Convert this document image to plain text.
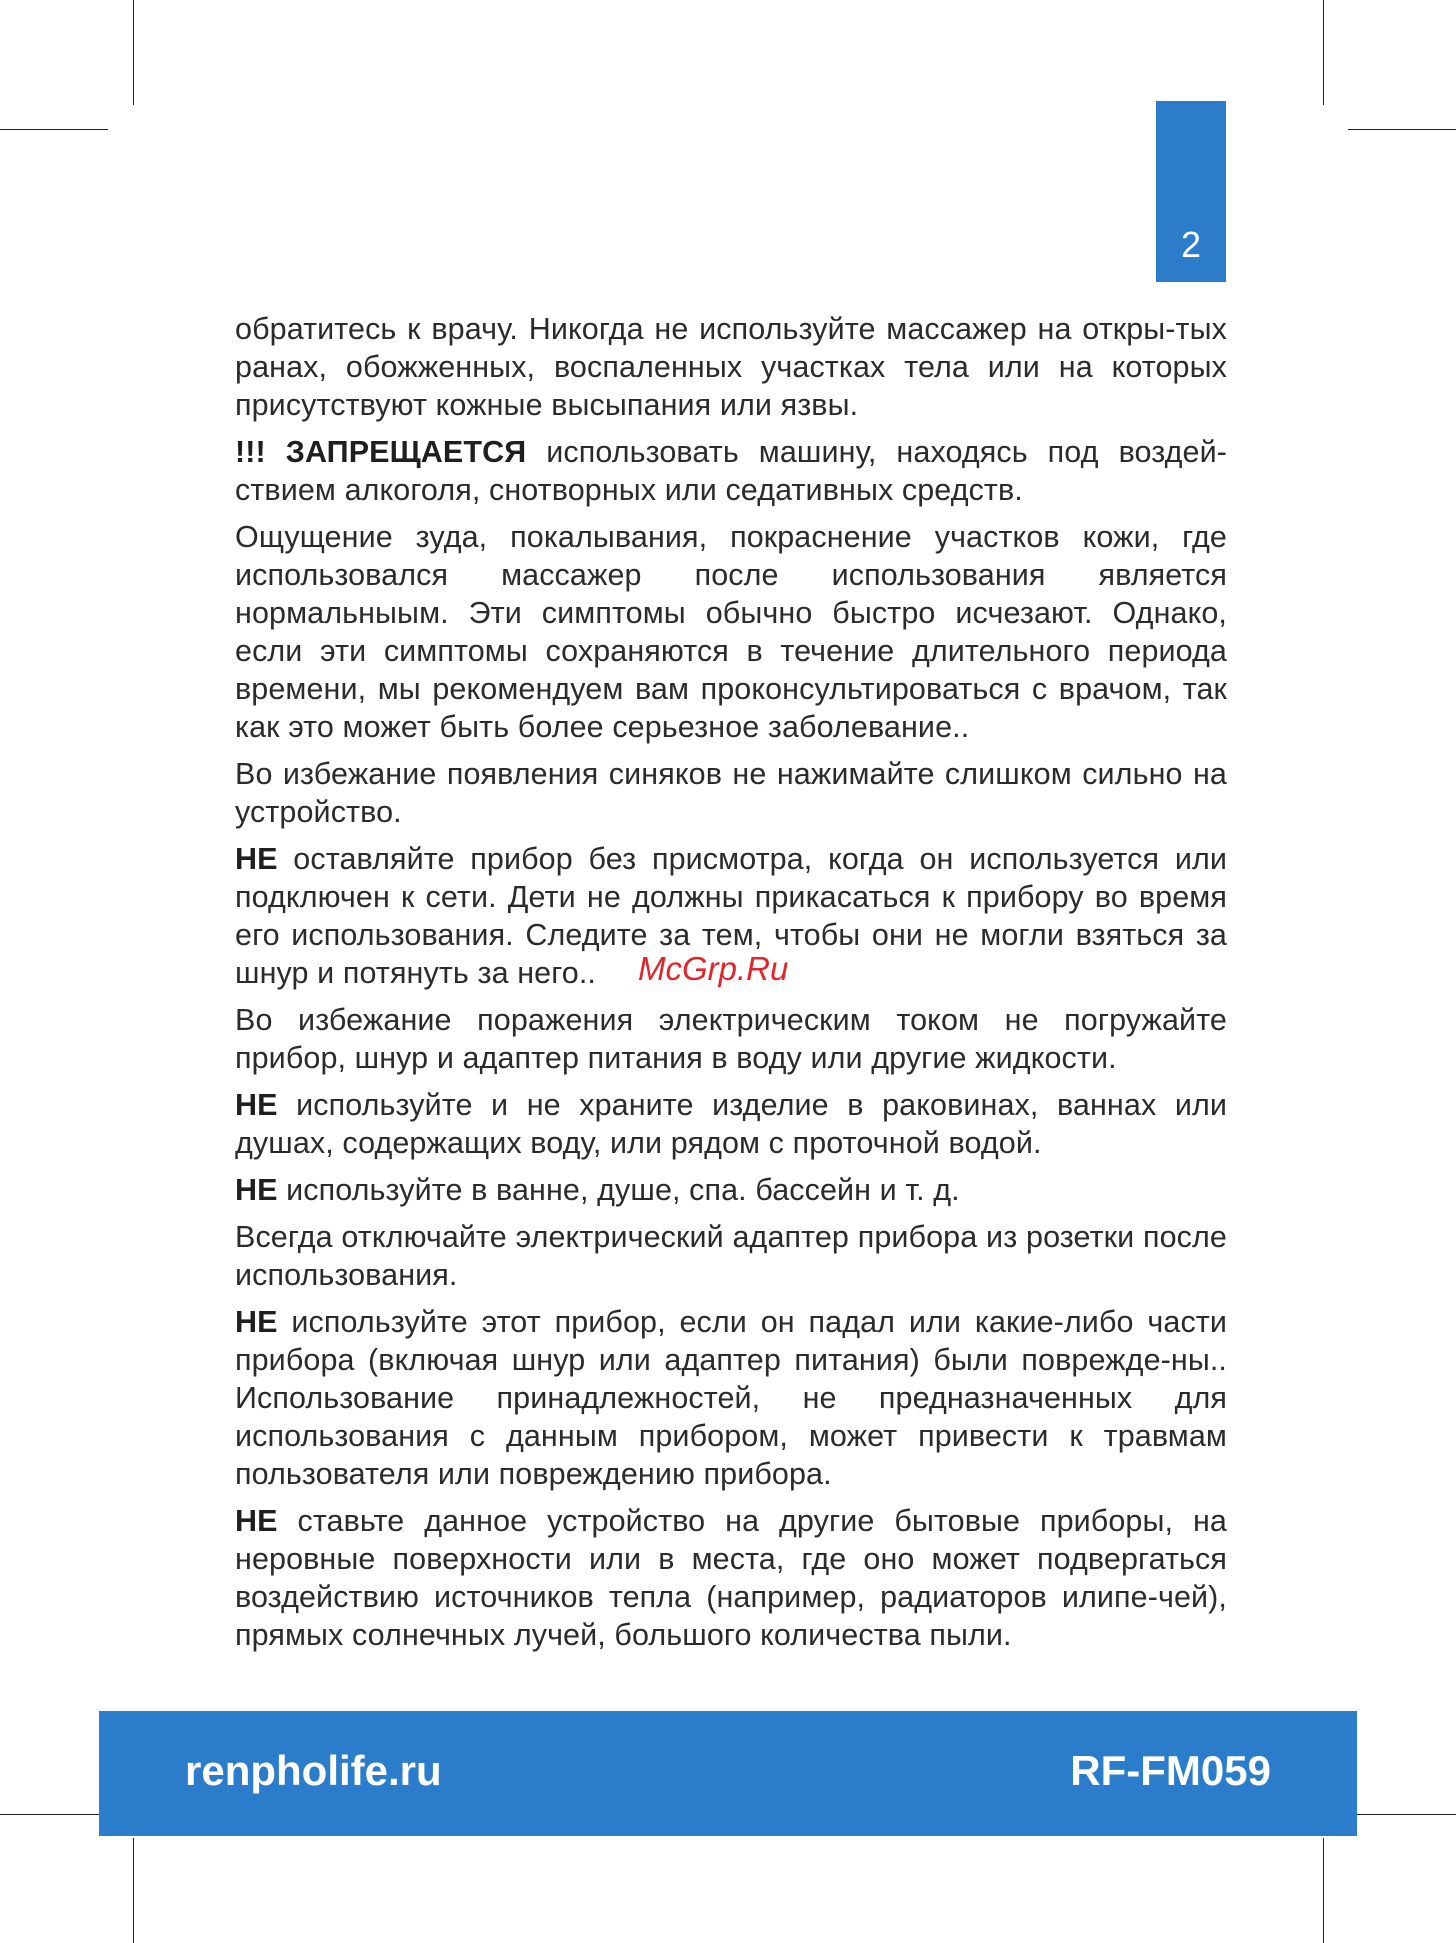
2

обратитесь к врачу. Никогда не используйте массажер на откры-тых ранах, обожженных, воспаленных участках тела или на которых присутствуют кожные высыпания или язвы.

!!! ЗАПРЕЩАЕТСЯ использовать машину, находясь под воздей-ствием алкоголя, снотворных или седативных средств.

Ощущение зуда, покалывания, покраснение участков кожи, где использовался массажер после использования является нормальныым. Эти симптомы обычно быстро исчезают. Однако, если эти симптомы сохраняются в течение длительного периода времени, мы рекомендуем вам проконсультироваться с врачом, так как это может быть более серьезное заболевание..

Во избежание появления синяков не нажимайте слишком сильно на устройство.

НЕ оставляйте прибор без присмотра, когда он используется или подключен к сети. Дети не должны прикасаться к прибору во время его использования. Следите за тем, чтобы они не могли взяться за шнур и потянуть за него..

Во избежание поражения электрическим током не погружайте прибор, шнур и адаптер питания в воду или другие жидкости.

НЕ используйте и не храните изделие в раковинах, ваннах или душах, содержащих воду, или рядом с проточной водой.

НЕ используйте в ванне, душе, спа. бассейн и т. д.

Всегда отключайте электрический адаптер прибора из розетки после использования.

НЕ используйте этот прибор, если он падал или какие-либо части прибора (включая шнур или адаптер питания) были поврежде-ны.. Использование принадлежностей, не предназначенных для использования с данным прибором, может привести к травмам пользователя или повреждению прибора.

НЕ ставьте данное устройство на другие бытовые приборы, на неровные поверхности или в места, где оно может подвергаться воздействию источников тепла (например, радиаторов илипе-чей), прямых солнечных лучей, большого количества пыли.

McGrp.Ru
renpholife.ru	RF-FM059
